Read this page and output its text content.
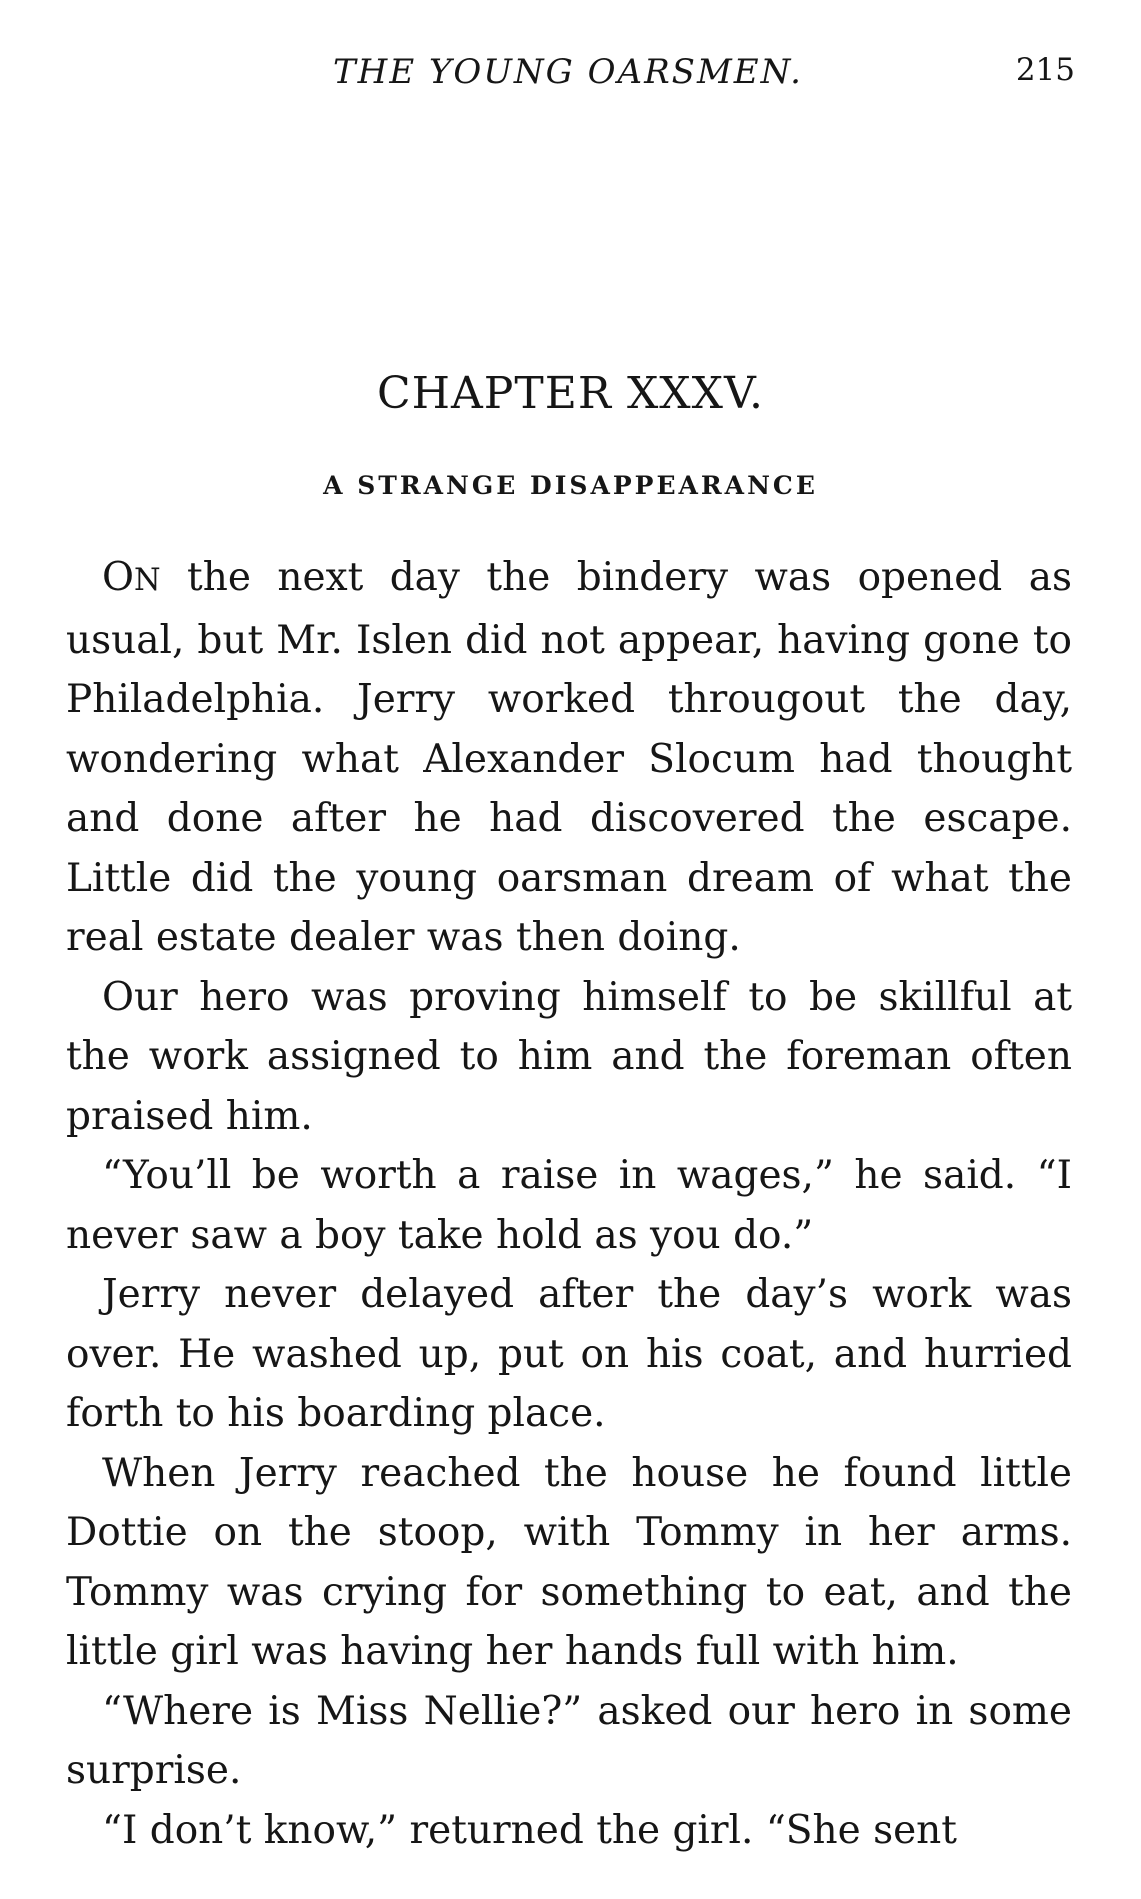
THE YOUNG OARSMEN.	215
CHAPTER XXXV.
A STRANGE DISAPPEARANCE

ON the next day the bindery was opened as usual, but Mr. Islen did not appear, having gone to Philadelphia. Jerry worked througout the day, wondering what Alexander Slocum had thought and done after he had discovered the escape. Little did the young oarsman dream of what the real estate dealer was then doing.

Our hero was proving himself to be skillful at the work assigned to him and the foreman often praised him.

“You’ll be worth a raise in wages,” he said. “I never saw a boy take hold as you do.”

Jerry never delayed after the day’s work was over. He washed up, put on his coat, and hurried forth to his boarding place.

When Jerry reached the house he found little Dottie on the stoop, with Tommy in her arms. Tommy was crying for something to eat, and the little girl was having her hands full with him.

“Where is Miss Nellie?” asked our hero in some surprise.

“I don’t know,” returned the girl. “She sent
